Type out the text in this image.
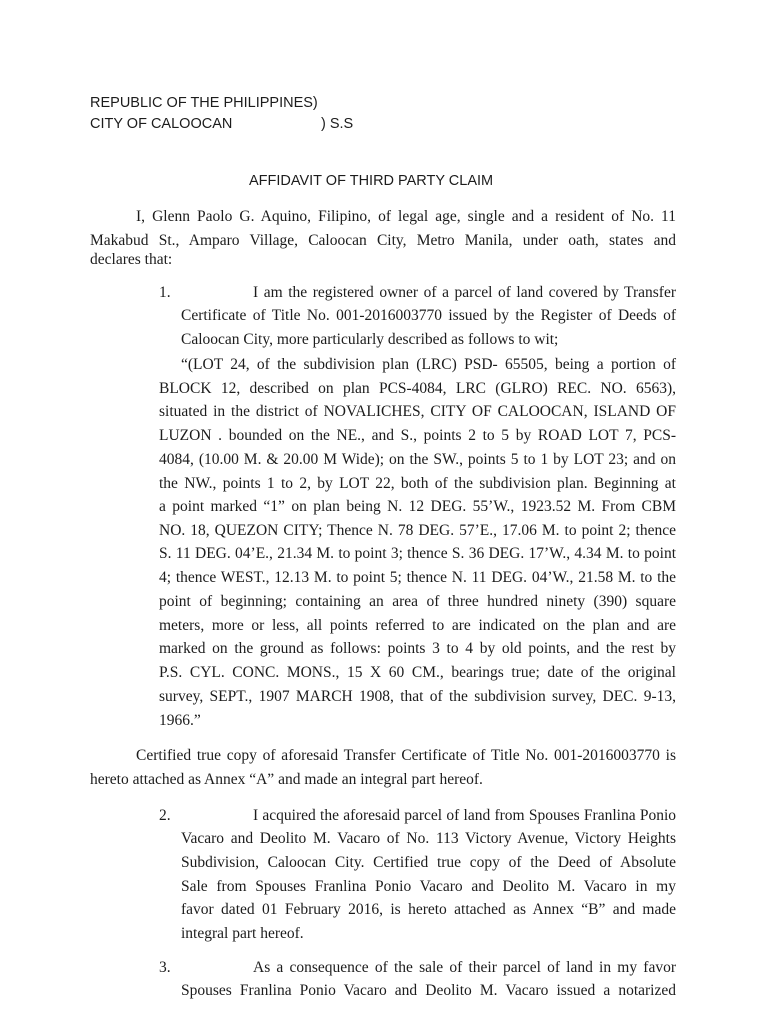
REPUBLIC OF THE PHILIPPINES)
CITY OF CALOOCAN	) S.S
AFFIDAVIT OF THIRD PARTY CLAIM
I, Glenn Paolo G. Aquino, Filipino, of legal age, single and a resident of No. 11
Makabud St., Amparo Village, Caloocan City, Metro Manila, under oath, states and
declares that:
1.	I am the registered owner of a parcel of land covered by Transfer
Certificate of Title No. 001-2016003770 issued by the Register of Deeds of
Caloocan City, more particularly described as follows to wit;
“(LOT 24, of the subdivision plan (LRC) PSD- 65505, being a portion of
BLOCK 12, described on plan PCS-4084, LRC (GLRO) REC. NO. 6563),
situated in the district of NOVALICHES, CITY OF CALOOCAN, ISLAND OF
LUZON . bounded on the NE., and S., points 2 to 5 by ROAD LOT 7, PCS-
4084, (10.00 M. & 20.00 M Wide); on the SW., points 5 to 1 by LOT 23; and on
the NW., points 1 to 2, by LOT 22, both of the subdivision plan. Beginning at
a point marked “1” on plan being N. 12 DEG. 55’W., 1923.52 M. From CBM
NO. 18, QUEZON CITY; Thence N. 78 DEG. 57’E., 17.06 M. to point 2; thence
S. 11 DEG. 04’E., 21.34 M. to point 3; thence S. 36 DEG. 17’W., 4.34 M. to point
4; thence WEST., 12.13 M. to point 5; thence N. 11 DEG. 04’W., 21.58 M. to the
point of beginning; containing an area of three hundred ninety (390) square
meters, more or less, all points referred to are indicated on the plan and are
marked on the ground as follows: points 3 to 4 by old points, and the rest by
P.S. CYL. CONC. MONS., 15 X 60 CM., bearings true; date of the original
survey, SEPT., 1907 MARCH 1908, that of the subdivision survey, DEC. 9-13,
1966.”
Certified true copy of aforesaid Transfer Certificate of Title No. 001-2016003770 is
hereto attached as Annex “A” and made an integral part hereof.
2.	I acquired the aforesaid parcel of land from Spouses Franlina Ponio
Vacaro and Deolito M. Vacaro of No. 113 Victory Avenue, Victory Heights
Subdivision, Caloocan City. Certified true copy of the Deed of Absolute
Sale from Spouses Franlina Ponio Vacaro and Deolito M. Vacaro in my
favor dated 01 February 2016, is hereto attached as Annex “B” and made
integral part hereof.
3.	As a consequence of the sale of their parcel of land in my favor
Spouses Franlina Ponio Vacaro and Deolito M. Vacaro issued a notarized
